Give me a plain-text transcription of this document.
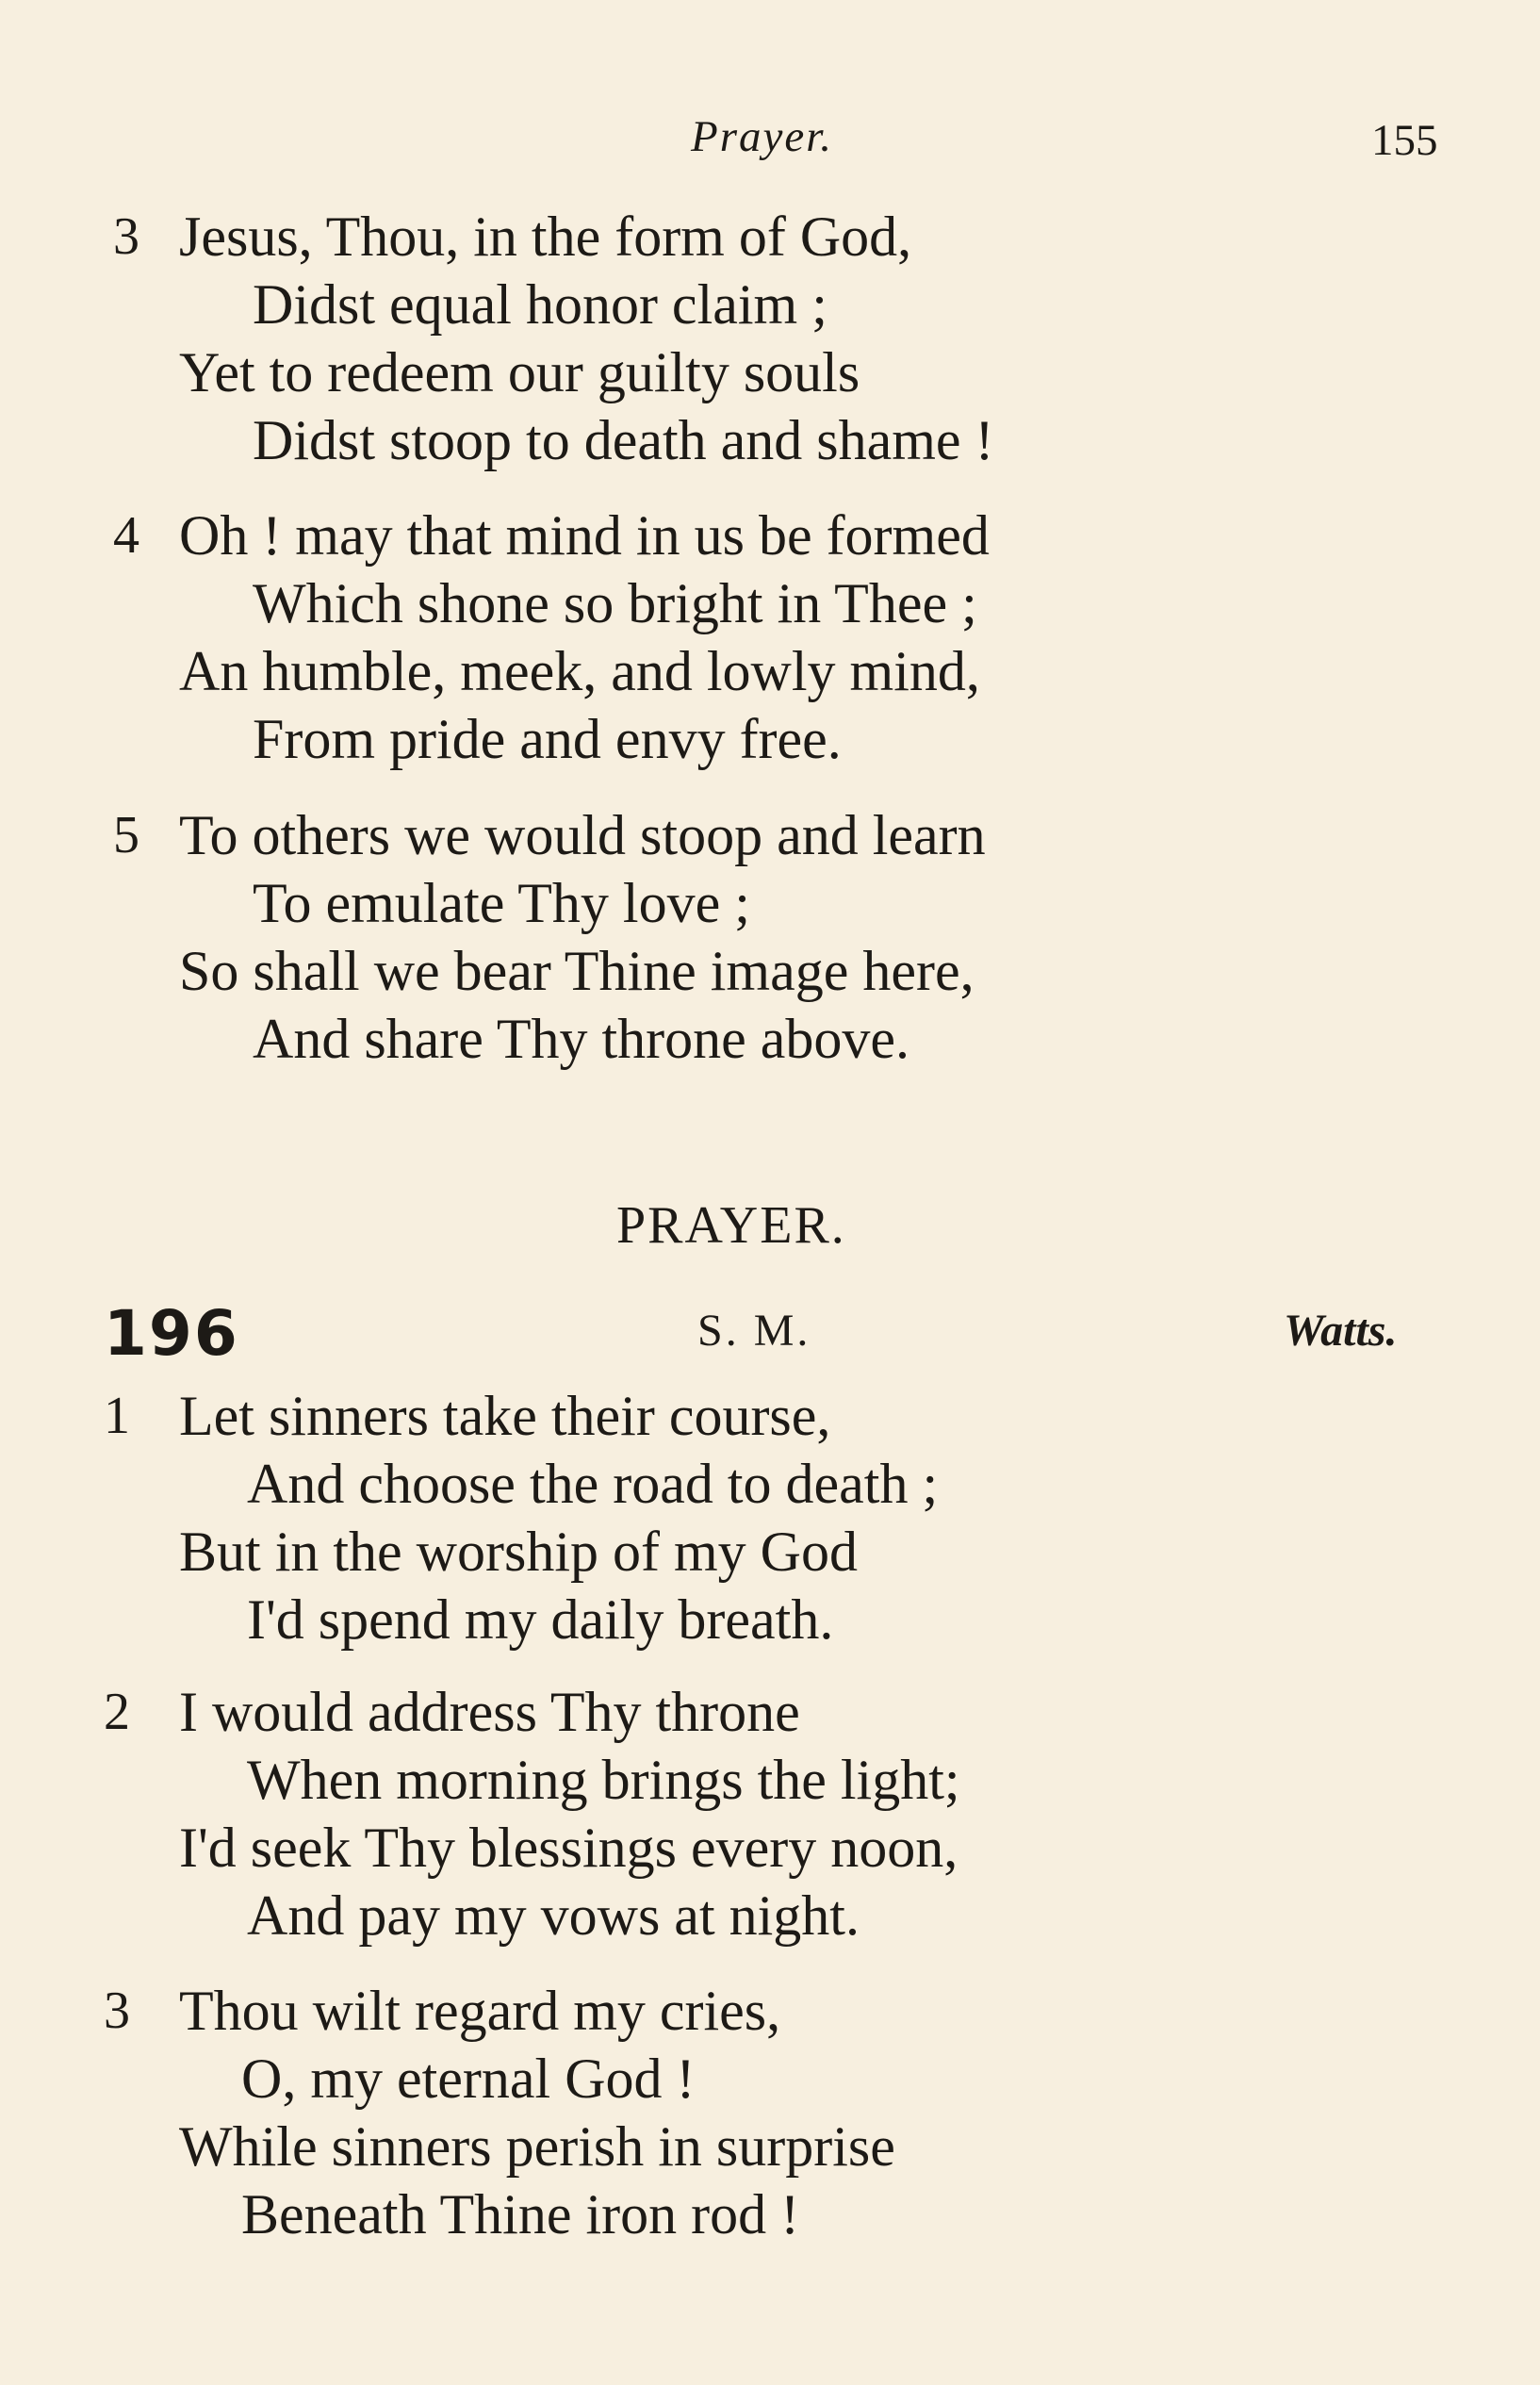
Prayer.	155
3 Jesus, Thou, in the form of God,
Didst equal honor claim ;
Yet to redeem our guilty souls
Didst stoop to death and shame !
4 Oh ! may that mind in us be formed
Which shone so bright in Thee ;
An humble, meek, and lowly mind,
From pride and envy free.
5 To others we would stoop and learn
To emulate Thy love ;
So shall we bear Thine image here,
And share Thy throne above.
PRAYER.
196	S. M.	Watts.
1 Let sinners take their course,
And choose the road to death ;
But in the worship of my God
I'd spend my daily breath.
2 I would address Thy throne
When morning brings the light;
I'd seek Thy blessings every noon,
And pay my vows at night.
3 Thou wilt regard my cries,
O, my eternal God !
While sinners perish in surprise
Beneath Thine iron rod !
